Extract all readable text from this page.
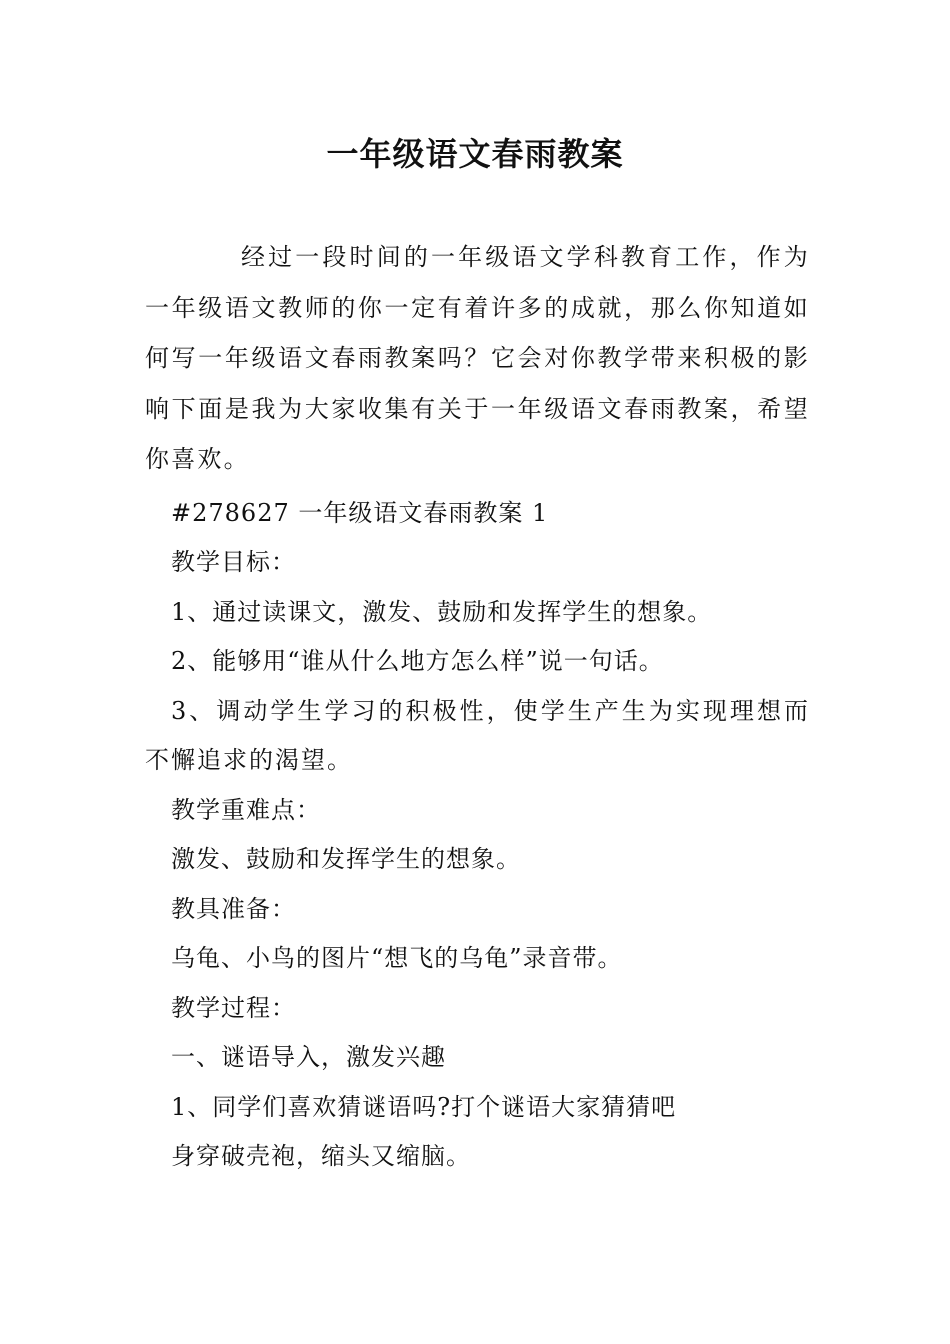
一年级语文春雨教案

经过一段时间的一年级语文学科教育工作，作为一年级语文教师的你一定有着许多的成就，那么你知道如何写一年级语文春雨教案吗？它会对你教学带来积极的影响下面是我为大家收集有关于一年级语文春雨教案，希望你喜欢。

#278627 一年级语文春雨教案 1

教学目标：

1、通过读课文，激发、鼓励和发挥学生的想象。

2、能够用“谁从什么地方怎么样”说一句话。

3、调动学生学习的积极性，使学生产生为实现理想而不懈追求的渴望。

教学重难点：

激发、鼓励和发挥学生的想象。

教具准备：

乌龟、小鸟的图片“想飞的乌龟”录音带。

教学过程：

一、谜语导入，激发兴趣

1、同学们喜欢猜谜语吗?打个谜语大家猜猜吧

身穿破壳袍，缩头又缩脑。
